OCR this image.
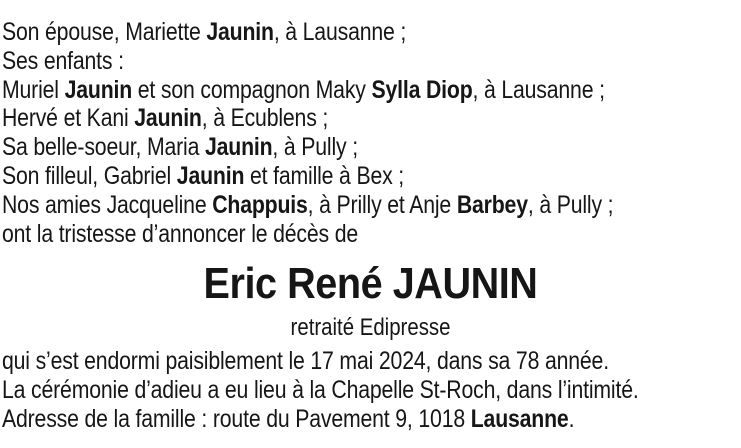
Son épouse, Mariette Jaunin, à Lausanne ;
Ses enfants :
Muriel Jaunin et son compagnon Maky Sylla Diop, à Lausanne ;
Hervé et Kani Jaunin, à Ecublens ;
Sa belle-soeur, Maria Jaunin, à Pully ;
Son filleul, Gabriel Jaunin et famille à Bex ;
Nos amies Jacqueline Chappuis, à Prilly et Anje Barbey, à Pully ;
ont la tristesse d’annoncer le décès de
Eric René JAUNIN
retraité Edipresse
qui s’est endormi paisiblement le 17 mai 2024, dans sa 78 année.
La cérémonie d’adieu a eu lieu à la Chapelle St-Roch, dans l’intimité.
Adresse de la famille : route du Pavement 9, 1018 Lausanne.
